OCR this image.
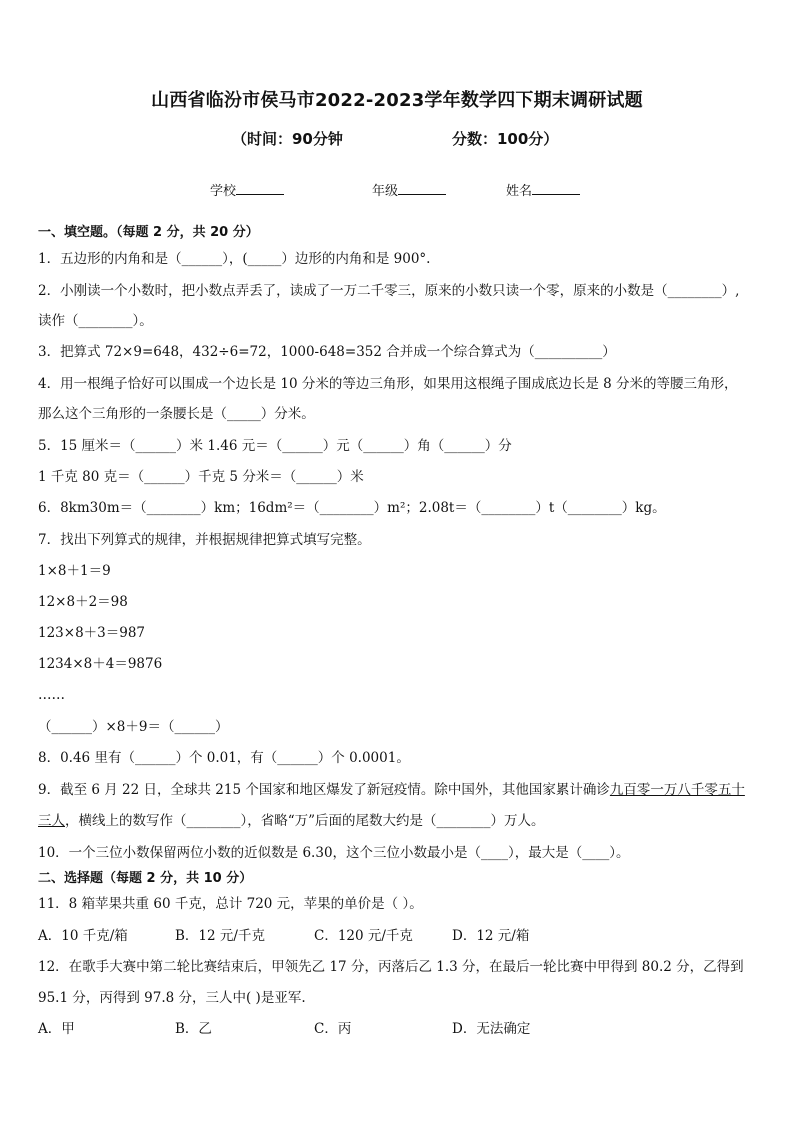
山西省临汾市侯马市2022-2023学年数学四下期末调研试题
（时间：90分钟	分数：100分）
学校	年级	姓名
一、填空题。（每题 2 分，共 20 分）
1．五边形的内角和是（______），(_____）边形的内角和是 900°.
2．小刚读一个小数时，把小数点弄丢了，读成了一万二千零三，原来的小数只读一个零，原来的小数是（________）,
读作（________）。
3．把算式 72×9=648，432÷6=72，1000-648=352 合并成一个综合算式为（__________）
4．用一根绳子恰好可以围成一个边长是 10 分米的等边三角形，如果用这根绳子围成底边长是 8 分米的等腰三角形，
那么这个三角形的一条腰长是（_____）分米。
5．15 厘米＝（______）米 1.46 元＝（______）元（______）角（______）分
1 千克 80 克＝（______）千克 5 分米＝（______）米
6．8km30m＝（________）km；16dm²＝（________）m²；2.08t＝（________）t（________）kg。
7．找出下列算式的规律，并根据规律把算式填写完整。
1×8＋1＝9
12×8＋2＝98
123×8＋3＝987
1234×8＋4＝9876
……
（______）×8＋9＝（______）
8．0.46 里有（______）个 0.01，有（______）个 0.0001。
9．截至 6 月 22 日，全球共 215 个国家和地区爆发了新冠疫情。除中国外，其他国家累计确诊九百零一万八千零五十
三人，横线上的数写作（________），省略“万”后面的尾数大约是（________）万人。
10．一个三位小数保留两位小数的近似数是 6.30，这个三位小数最小是（____），最大是（____）。
二、选择题（每题 2 分，共 10 分）
11．8 箱苹果共重 60 千克，总计 720 元，苹果的单价是（ ）。
A．10 千克/箱	B．12 元/千克	C．120 元/千克	D．12 元/箱
12．在歌手大赛中第二轮比赛结束后，甲领先乙 17 分，丙落后乙 1.3 分，在最后一轮比赛中甲得到 80.2 分，乙得到
95.1 分，丙得到 97.8 分，三人中( )是亚军.
A．甲	B．乙	C．丙	D．无法确定
